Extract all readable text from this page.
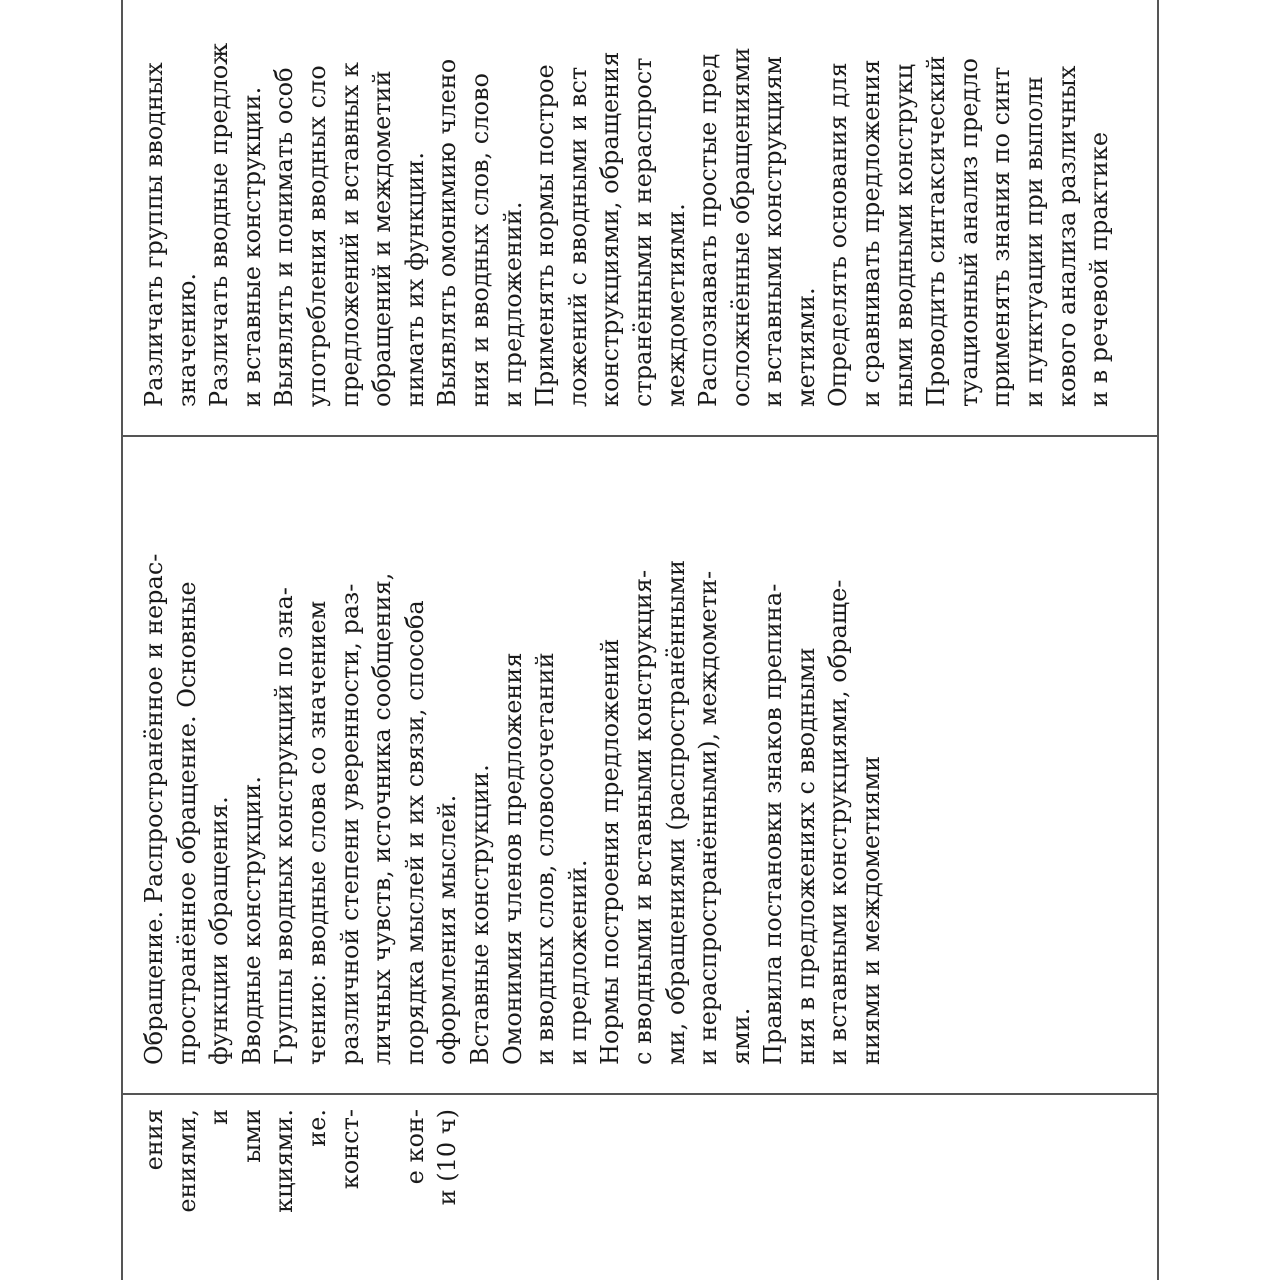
ения ениями, и ыми кциями. ие. конст- е кон- и (10 ч)
Обращение. Распространённое и нерас- пространённое обращение. Основные функции обращения. Вводные конструкции. Группы вводных конструкций по зна- чению: вводные слова со значением различной степени уверенности, раз- личных чувств, источника сообщения, порядка мыслей и их связи, способа оформления мыслей. Вставные конструкции. Омонимия членов предложения и вводных слов, словосочетаний и предложений. Нормы построения предложений с вводными и вставными конструкция- ми, обращениями (распространёнными и нераспространёнными), междомети- ями. Правила постановки знаков препина- ния в предложениях с вводными и вставными конструкциями, обраще- ниями и междометиями
Различать группы вводных значению. Различать вводные предлож и вставные конструкции. Выявлять и понимать особ употребления вводных сло предложений и вставных к обращений и междометий нимать их функции. Выявлять омонимию члено ния и вводных слов, слово и предложений. Применять нормы построе ложений с вводными и вст конструкциями, обращения странёнными и нераспрост междометиями. Распознавать простые пред осложнённые обращениями и вставными конструкциям метиями. Определять основания для и сравнивать предложения ными вводными конструкц Проводить синтаксический туационный анализ предло применять знания по синт и пунктуации при выполн кового анализа различных и в речевой практике
